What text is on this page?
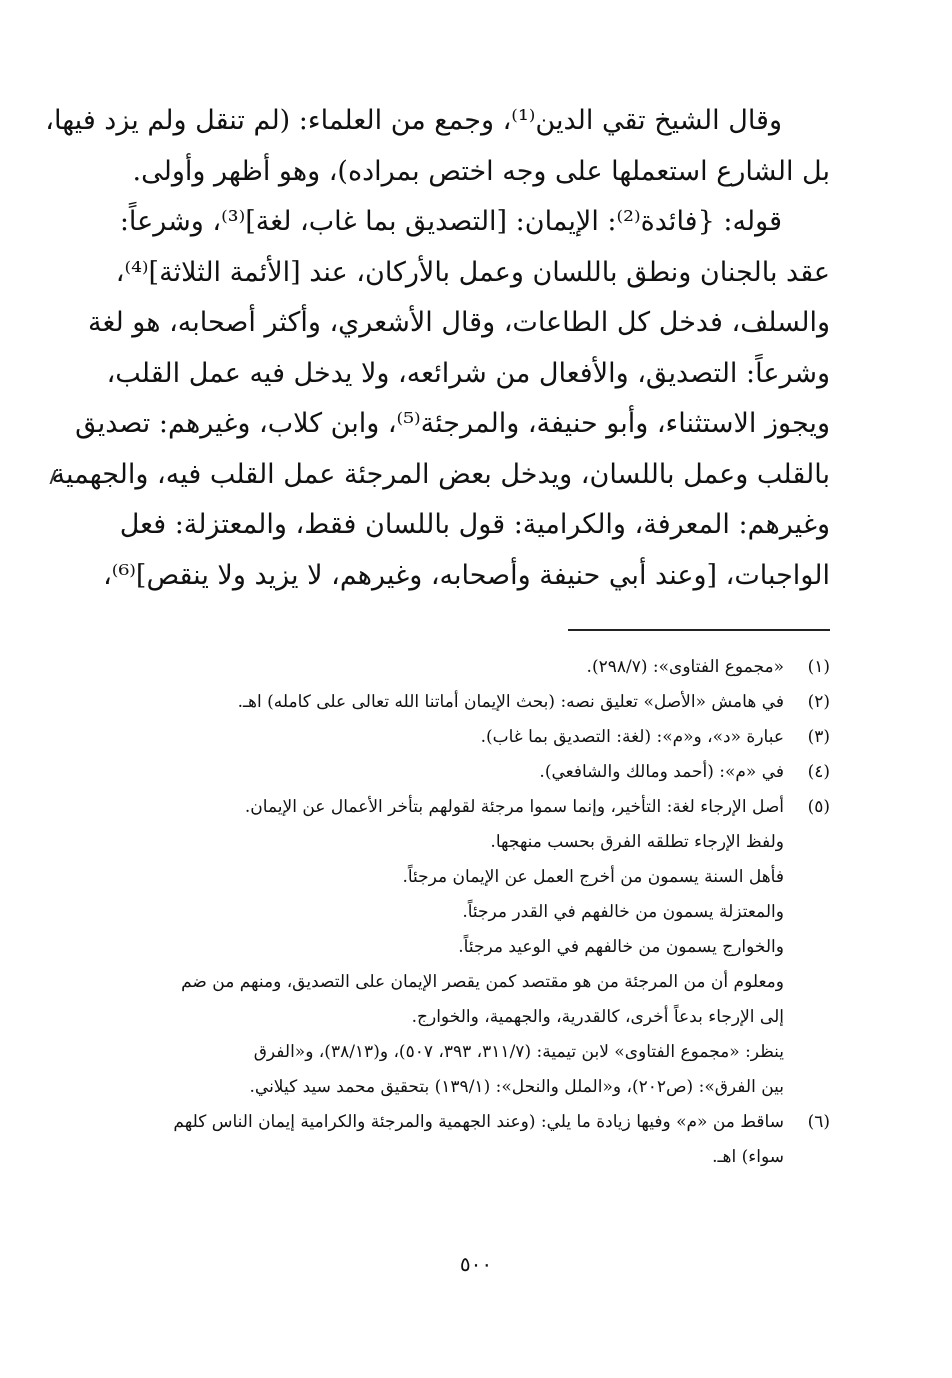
وقال الشيخ تقي الدين⁽¹⁾، وجمع من العلماء: (لم تنقل ولم يزد فيها،
بل الشارع استعملها على وجه اختص بمراده)، وهو أظهر وأولى.

قوله: {فائدة⁽²⁾: الإيمان: [التصديق بما غاب، لغة]⁽³⁾، وشرعاً:
عقد بالجنان ونطق باللسان وعمل بالأركان، عند [الأئمة الثلاثة]⁽⁴⁾،
والسلف، فدخل كل الطاعات، وقال الأشعري، وأكثر أصحابه، هو لغة
وشرعاً: التصديق، والأفعال من شرائعه، ولا يدخل فيه عمل القلب،
ويجوز الاستثناء، وأبو حنيفة، والمرجئة⁽⁵⁾، وابن كلاب، وغيرهم: تصديق
بالقلب وعمل باللسان، ويدخل بعض المرجئة عمل القلب فيه، والجهمية
وغيرهم: المعرفة، والكرامية: قول باللسان فقط، والمعتزلة: فعل
الواجبات، [وعند أبي حنيفة وأصحابه، وغيرهم، لا يزيد ولا ينقص]⁽⁶⁾،

(١)
«مجموع الفتاوى»: (٢٩٨/٧).
(٢)
في هامش «الأصل» تعليق نصه: (بحث الإيمان أماتنا الله تعالى على كامله) اهـ.
(٣)
عبارة «د»، و«م»: (لغة: التصديق بما غاب).
(٤)
في «م»: (أحمد ومالك والشافعي).
(٥)
أصل الإرجاء لغة: التأخير، وإنما سموا مرجئة لقولهم بتأخر الأعمال عن الإيمان.
ولفظ الإرجاء تطلقه الفرق بحسب منهجها.
فأهل السنة يسمون من أخرج العمل عن الإيمان مرجئاً.
والمعتزلة يسمون من خالفهم في القدر مرجئاً.
والخوارج يسمون من خالفهم في الوعيد مرجئاً.
ومعلوم أن من المرجئة من هو مقتصد كمن يقصر الإيمان على التصديق، ومنهم من ضم
إلى الإرجاء بدعاً أخرى، كالقدرية، والجهمية، والخوارج.
ينظر: «مجموع الفتاوى» لابن تيمية: (٣١١/٧، ٣٩٣، ٥٠٧)، و(٣٨/١٣)، و«الفرق
بين الفرق»: (ص٢٠٢)، و«الملل والنحل»: (١٣٩/١) بتحقيق محمد سيد كيلاني.
(٦)
ساقط من «م» وفيها زيادة ما يلي: (وعند الجهمية والمرجئة والكرامية إيمان الناس كلهم
سواء) اهـ.
٥٠٠
